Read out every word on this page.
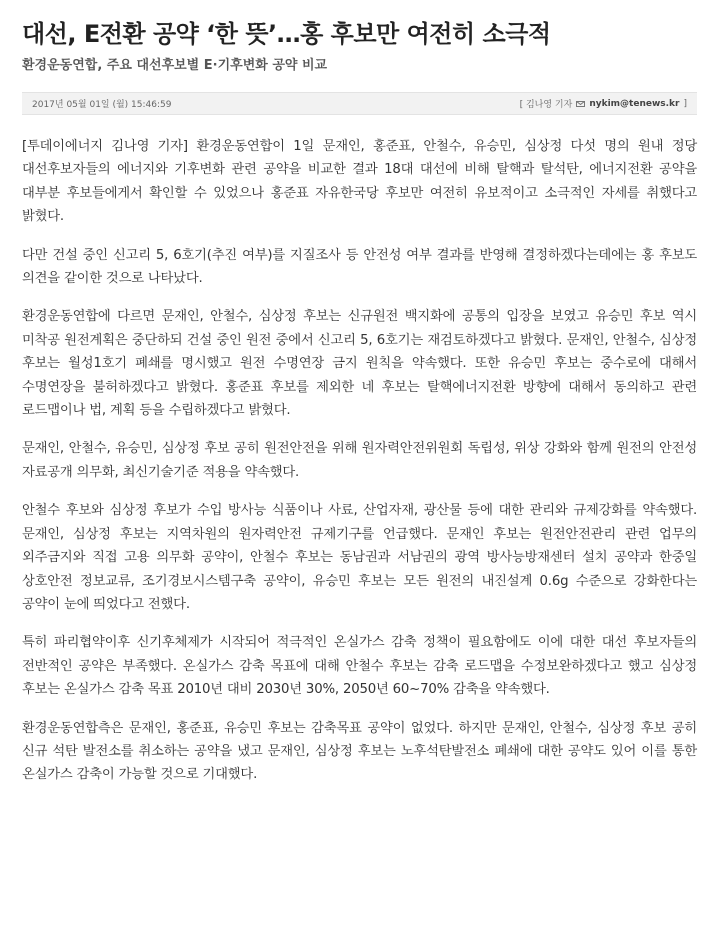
대선, E전환 공약 ‘한 뜻’…홍 후보만 여전히 소극적
환경운동연합, 주요 대선후보별 E·기후변화 공약 비교
2017년 05월 01일 (월) 15:46:59	[ 김나영 기자 nykim@tenews.kr ]

[투데이에너지 김나영 기자] 환경운동연합이 1일 문재인, 홍준표, 안철수, 유승민, 심상정 다섯 명의 원내 정당 대선후보자들의 에너지와 기후변화 관련 공약을 비교한 결과 18대 대선에 비해 탈핵과 탈석탄, 에너지전환 공약을 대부분 후보들에게서 확인할 수 있었으나 홍준표 자유한국당 후보만 여전히 유보적이고 소극적인 자세를 취했다고 밝혔다.

다만 건설 중인 신고리 5, 6호기(추진 여부)를 지질조사 등 안전성 여부 결과를 반영해 결정하겠다는데에는 홍 후보도 의견을 같이한 것으로 나타났다.

환경운동연합에 다르면 문재인, 안철수, 심상정 후보는 신규원전 백지화에 공통의 입장을 보였고 유승민 후보 역시 미착공 원전계획은 중단하되 건설 중인 원전 중에서 신고리 5, 6호기는 재검토하겠다고 밝혔다. 문재인, 안철수, 심상정 후보는 월성1호기 폐쇄를 명시했고 원전 수명연장 금지 원칙을 약속했다. 또한 유승민 후보는 중수로에 대해서 수명연장을 불허하겠다고 밝혔다. 홍준표 후보를 제외한 네 후보는 탈핵에너지전환 방향에 대해서 동의하고 관련 로드맵이나 법, 계획 등을 수립하겠다고 밝혔다.

문재인, 안철수, 유승민, 심상정 후보 공히 원전안전을 위해 원자력안전위원회 독립성, 위상 강화와 함께 원전의 안전성 자료공개 의무화, 최신기술기준 적용을 약속했다.

안철수 후보와 심상정 후보가 수입 방사능 식품이나 사료, 산업자재, 광산물 등에 대한 관리와 규제강화를 약속했다. 문재인, 심상정 후보는 지역차원의 원자력안전 규제기구를 언급했다. 문재인 후보는 원전안전관리 관련 업무의 외주금지와 직접 고용 의무화 공약이, 안철수 후보는 동남권과 서남권의 광역 방사능방재센터 설치 공약과 한중일 상호안전 정보교류, 조기경보시스템구축 공약이, 유승민 후보는 모든 원전의 내진설계 0.6g 수준으로 강화한다는 공약이 눈에 띄었다고 전했다.

특히 파리협약이후 신기후체제가 시작되어 적극적인 온실가스 감축 정책이 필요함에도 이에 대한 대선 후보자들의 전반적인 공약은 부족했다. 온실가스 감축 목표에 대해 안철수 후보는 감축 로드맵을 수정보완하겠다고 했고 심상정 후보는 온실가스 감축 목표 2010년 대비 2030년 30%, 2050년 60~70% 감축을 약속했다.

환경운동연합측은 문재인, 홍준표, 유승민 후보는 감축목표 공약이 없었다. 하지만 문재인, 안철수, 심상정 후보 공히 신규 석탄 발전소를 취소하는 공약을 냈고 문재인, 심상정 후보는 노후석탄발전소 폐쇄에 대한 공약도 있어 이를 통한 온실가스 감축이 가능할 것으로 기대했다.
